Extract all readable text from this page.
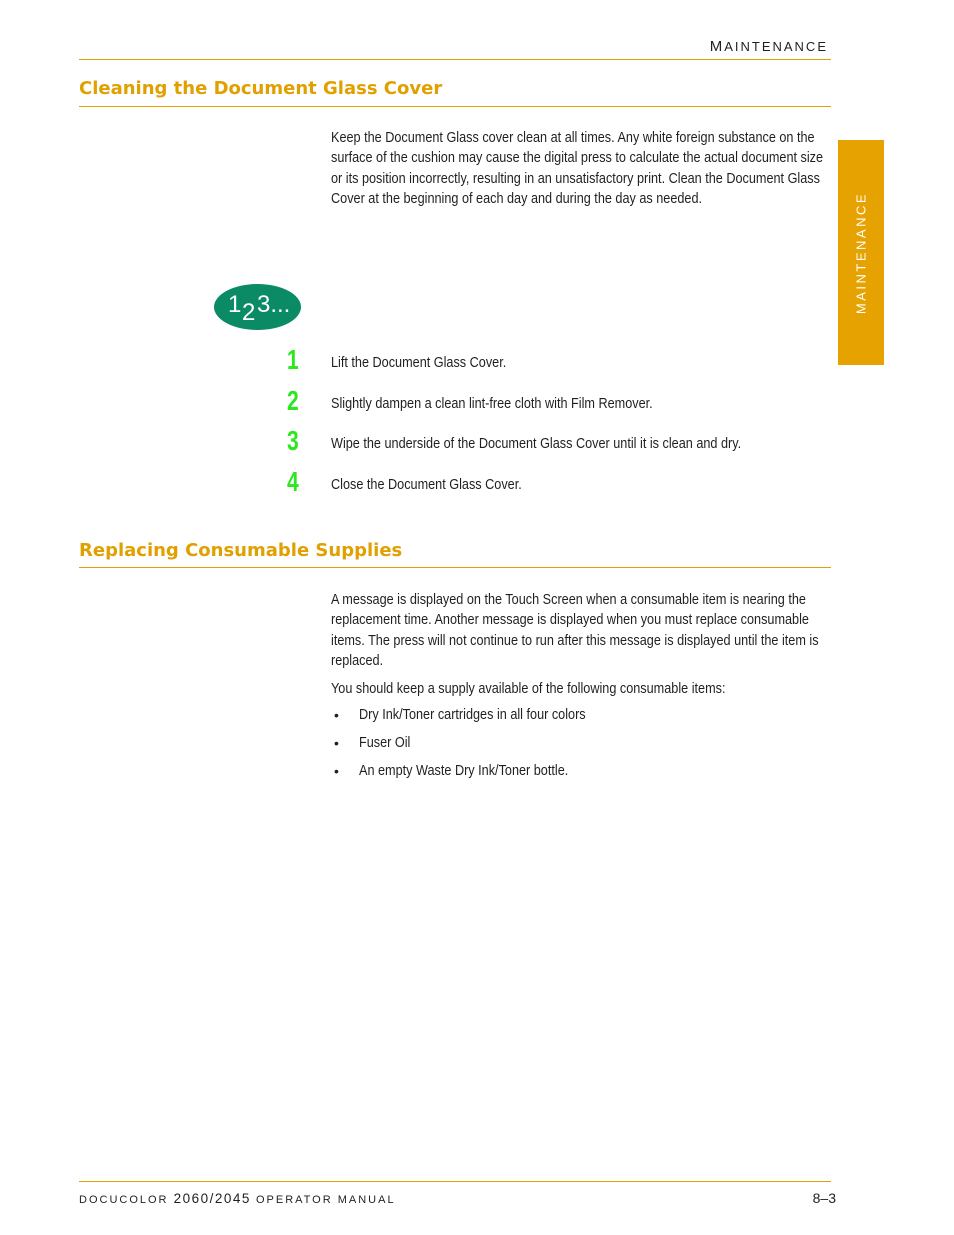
MAINTENANCE
MAINTENANCE
Cleaning the Document Glass Cover

Keep the Document Glass cover clean at all times. Any white foreign substance on the surface of the cushion may cause the digital press to calculate the actual document size or its position incorrectly, resulting in an unsatisfactory print. Clean the Document Glass Cover at the beginning of each day and during the day as needed.

1 2 3...
1	Lift the Document Glass Cover.
2	Slightly dampen a clean lint-free cloth with Film Remover.
3	Wipe the underside of the Document Glass Cover until it is clean and dry.
4	Close the Document Glass Cover.
Replacing Consumable Supplies

A message is displayed on the Touch Screen when a consumable item is nearing the replacement time. Another message is displayed when you must replace consumable items. The press will not continue to run after this message is displayed until the item is replaced.

You should keep a supply available of the following consumable items:

• Dry Ink/Toner cartridges in all four colors
• Fuser Oil
• An empty Waste Dry Ink/Toner bottle.
DOCUCOLOR 2060/2045 OPERATOR MANUAL	8–3
